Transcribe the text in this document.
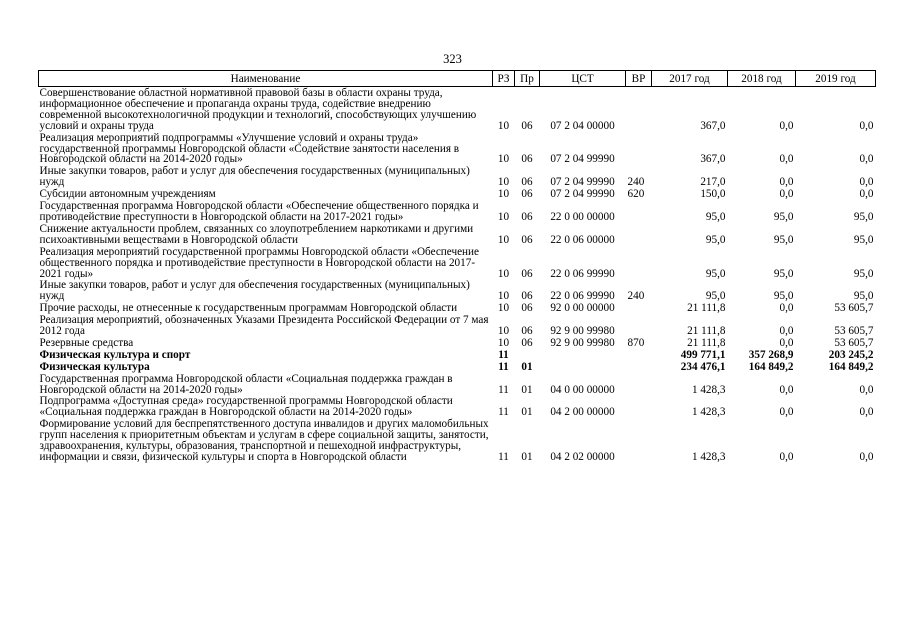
323
Наименование	РЗ	Пр	ЦСТ	ВР	2017 год	2018 год	2019 год
Совершенствование областной нормативной правовой базы в области охраны труда, информационное обеспечение и пропаганда охраны труда, содействие внедрению современной высокотехнологичной продукции и технологий, способствующих улучшению условий и охраны труда	10	06	07 2 04 00000		367,0	0,0	0,0
Реализация мероприятий подпрограммы «Улучшение условий и охраны труда» государственной программы Новгородской области «Содействие занятости населения в Новгородской области на 2014-2020 годы»	10	06	07 2 04 99990		367,0	0,0	0,0
Иные закупки товаров, работ и услуг для обеспечения государственных (муниципальных) нужд	10	06	07 2 04 99990	240	217,0	0,0	0,0
Субсидии автономным учреждениям	10	06	07 2 04 99990	620	150,0	0,0	0,0
Государственная программа Новгородской области «Обеспечение общественного порядка и противодействие преступности в Новгородской области на 2017-2021 годы»	10	06	22 0 00 00000		95,0	95,0	95,0
Снижение актуальности проблем, связанных со злоупотреблением наркотиками и другими психоактивными веществами в Новгородской области	10	06	22 0 06 00000		95,0	95,0	95,0
Реализация мероприятий государственной программы Новгородской области «Обеспечение общественного порядка и противодействие преступности в Новгородской области на 2017-2021 годы»	10	06	22 0 06 99990		95,0	95,0	95,0
Иные закупки товаров, работ и услуг для обеспечения государственных (муниципальных) нужд	10	06	22 0 06 99990	240	95,0	95,0	95,0
Прочие расходы, не отнесенные к государственным программам Новгородской области	10	06	92 0 00 00000		21 111,8	0,0	53 605,7
Реализация мероприятий, обозначенных Указами Президента Российской Федерации от 7 мая 2012 года	10	06	92 9 00 99980		21 111,8	0,0	53 605,7
Резервные средства	10	06	92 9 00 99980	870	21 111,8	0,0	53 605,7
Физическая культура и спорт	11				499 771,1	357 268,9	203 245,2
Физическая культура	11	01			234 476,1	164 849,2	164 849,2
Государственная программа Новгородской области «Социальная поддержка граждан в Новгородской области на 2014-2020 годы»	11	01	04 0 00 00000		1 428,3	0,0	0,0
Подпрограмма «Доступная среда» государственной программы Новгородской области «Социальная поддержка граждан в Новгородской области на 2014-2020 годы»	11	01	04 2 00 00000		1 428,3	0,0	0,0
Формирование условий для беспрепятственного доступа инвалидов и других маломобильных групп населения к приоритетным объектам и услугам в сфере социальной защиты, занятости, здравоохранения, культуры, образования, транспортной и пешеходной инфраструктуры, информации и связи, физической культуры и спорта в Новгородской области	11	01	04 2 02 00000		1 428,3	0,0	0,0
